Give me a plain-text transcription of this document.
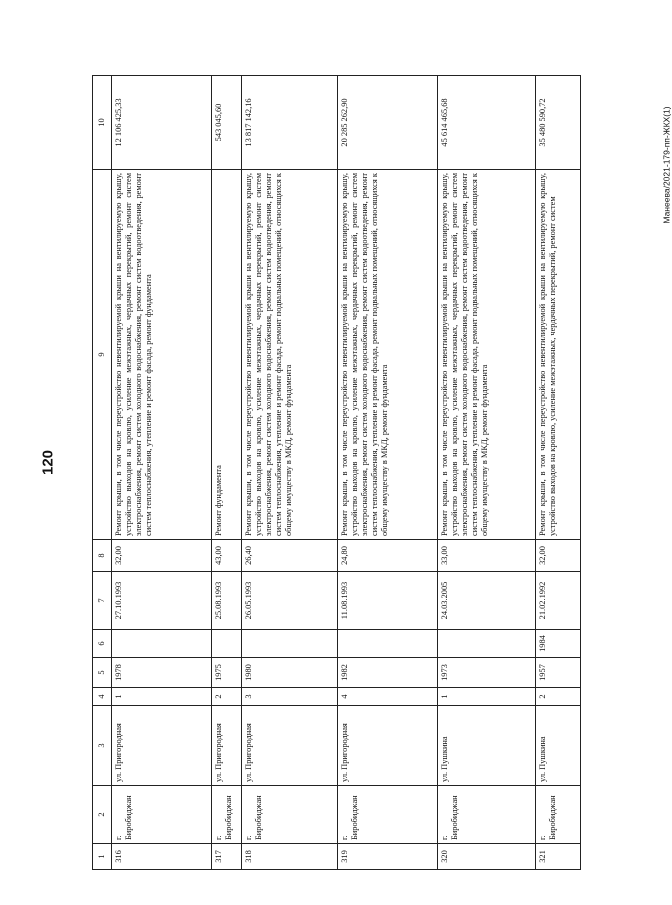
120
Манеева/2021-179-пп-ЖКХ(1)
1	2	3	4	5	6	7	8	9	10
316	г. Биробиджан	ул. Пригородная	1	1978		27.10.1993	32,00	Ремонт крыши, в том числе переустройство невентилируемой крыши на вентилируемую крышу, устройство выходов на кровлю, усиление межэтажных, чердачных перекрытий, ремонт систем электроснабжения, ремонт систем холодного водоснабжения, ремонт систем водоотведения, ремонт систем теплоснабжения, утепление и ремонт фасада, ремонт фундамента	12 106 425,33
317	г. Биробиджан	ул. Пригородная	2	1975		25.08.1993	43,00	Ремонт фундамента	543 045,60
318	г. Биробиджан	ул. Пригородная	3	1980		26.05.1993	26,40	Ремонт крыши, в том числе переустройство невентилируемой крыши на вентилируемую крышу, устройство выходов на кровлю, усиление межэтажных, чердачных перекрытий, ремонт систем электроснабжения, ремонт систем холодного водоснабжения, ремонт систем водоотведения, ремонт систем теплоснабжения, утепление и ремонт фасада, ремонт подвальных помещений, относящихся к общему имуществу в МКД, ремонт фундамента	13 817 142,16
319	г. Биробиджан	ул. Пригородная	4	1982		11.08.1993	24,80	Ремонт крыши, в том числе переустройство невентилируемой крыши на вентилируемую крышу, устройство выходов на кровлю, усиление межэтажных, чердачных перекрытий, ремонт систем электроснабжения, ремонт систем холодного водоснабжения, ремонт систем водоотведения, ремонт систем теплоснабжения, утепление и ремонт фасада, ремонт подвальных помещений, относящихся к общему имуществу в МКД, ремонт фундамента	20 285 262,90
320	г. Биробиджан	ул. Пушкина	1	1973		24.03.2005	33,00	Ремонт крыши, в том числе переустройство невентилируемой крыши на вентилируемую крышу, устройство выходов на кровлю, усиление межэтажных, чердачных перекрытий, ремонт систем электроснабжения, ремонт систем холодного водоснабжения, ремонт систем водоотведения, ремонт систем теплоснабжения, утепление и ремонт фасада, ремонт подвальных помещений, относящихся к общему имуществу в МКД, ремонт фундамента	45 614 465,68
321	г. Биробиджан	ул. Пушкина	2	1957	1984	21.02.1992	32,00	Ремонт крыши, в том числе переустройство невентилируемой крыши на вентилируемую крышу, устройство выходов на кровлю, усиление межэтажных, чердачных перекрытий, ремонт систем	35 480 590,72
